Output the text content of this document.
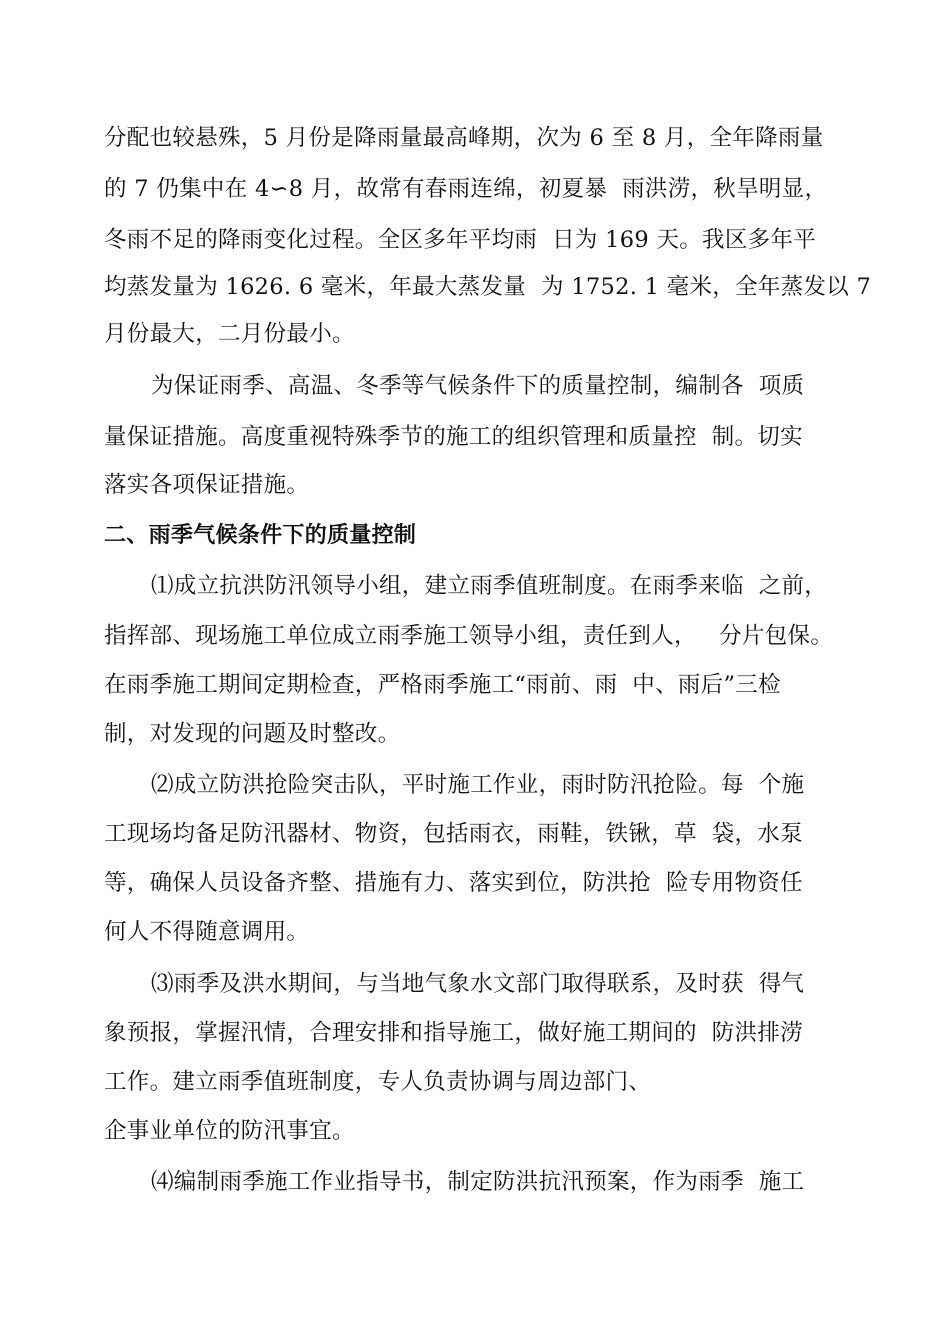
分配也较悬殊，5 月份是降雨量最高峰期，次为 6 至 8 月，全年降雨量
的 7 仍集中在 4∽8 月，故常有春雨连绵，初夏暴  雨洪涝，秋旱明显，
冬雨不足的降雨变化过程。全区多年平均雨  日为 169 天。我区多年平
均蒸发量为 1626. 6 毫米，年最大蒸发量  为 1752. 1 毫米，全年蒸发以 7
月份最大，二月份最小。
为保证雨季、高温、冬季等气候条件下的质量控制，编制各  项质
量保证措施。高度重视特殊季节的施工的组织管理和质量控  制。切实
落实各项保证措施。
二、雨季气候条件下的质量控制
⑴成立抗洪防汛领导小组，建立雨季值班制度。在雨季来临  之前，
指挥部、现场施工单位成立雨季施工领导小组，责任到人，   分片包保。
在雨季施工期间定期检查，严格雨季施工“雨前、雨  中、雨后”三检
制，对发现的问题及时整改。
⑵成立防洪抢险突击队，平时施工作业，雨时防汛抢险。每  个施
工现场均备足防汛器材、物资，包括雨衣，雨鞋，铁锹，草  袋，水泵
等，确保人员设备齐整、措施有力、落实到位，防洪抢  险专用物资任
何人不得随意调用。
⑶雨季及洪水期间，与当地气象水文部门取得联系，及时获  得气
象预报，掌握汛情，合理安排和指导施工，做好施工期间的  防洪排涝
工作。建立雨季值班制度，专人负责协调与周边部门、
企事业单位的防汛事宜。
⑷编制雨季施工作业指导书，制定防洪抗汛预案，作为雨季  施工
